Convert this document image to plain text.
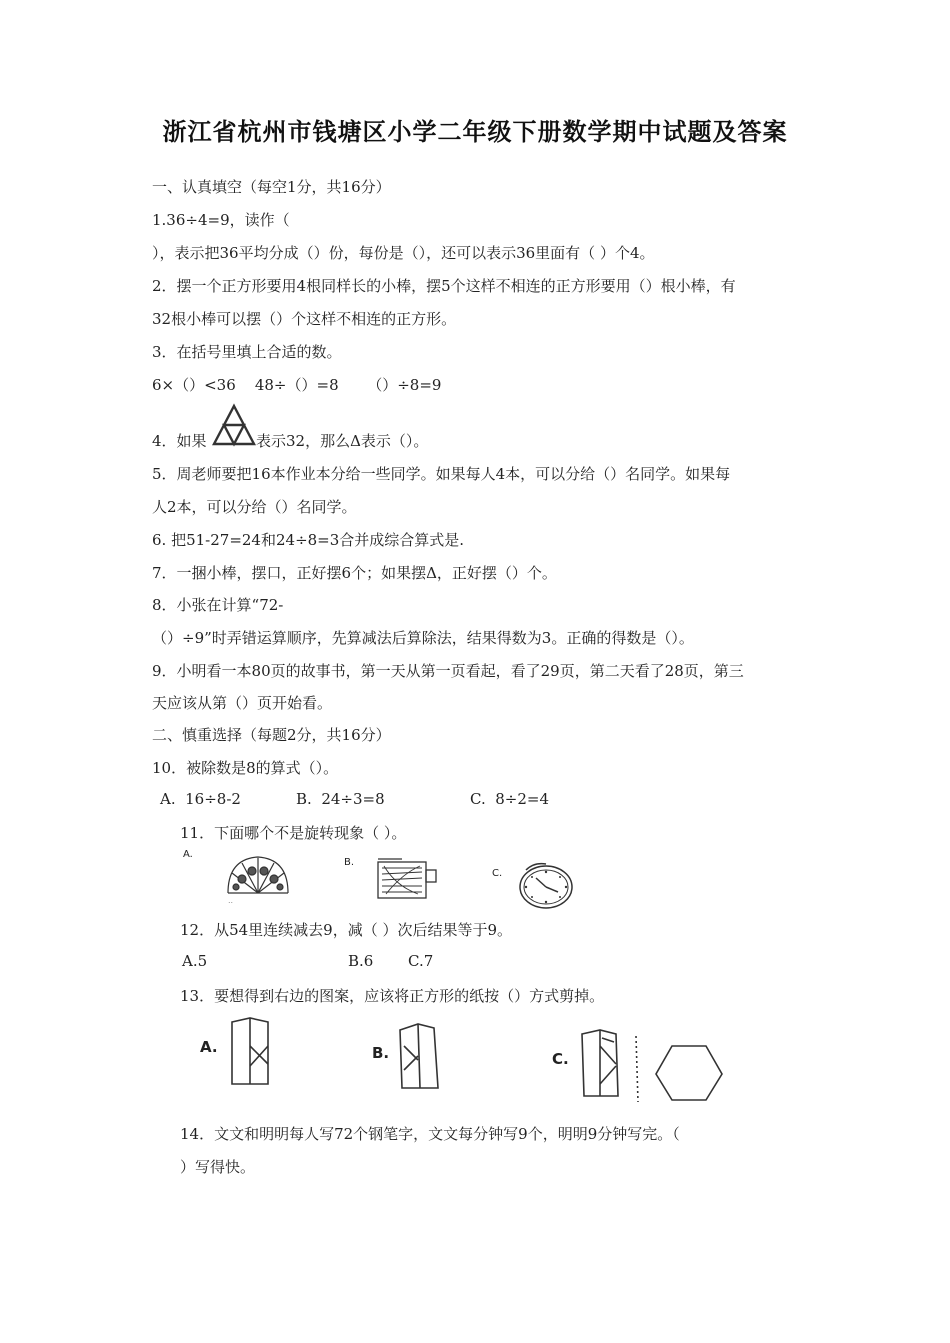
浙江省杭州市钱塘区小学二年级下册数学期中试题及答案
一、认真填空（每空1分，共16分）
1.36÷4=9，读作（
），表示把36平均分成（）份，每份是（），还可以表示36里面有（ ）个4。
2．摆一个正方形要用4根同样长的小棒，摆5个这样不相连的正方形要用（）根小棒，有
32根小棒可以摆（）个这样不相连的正方形。
3．在括号里填上合适的数。
6×（）<36    48÷（）=8      （）÷8=9
4．如果	表示32，那么Δ表示（）。
5．周老师要把16本作业本分给一些同学。如果每人4本，可以分给（）名同学。如果每
人2本，可以分给（）名同学。
6. 把51-27=24和24÷8=3合并成综合算式是.
7．一捆小棒，摆口，正好摆6个；如果摆Δ，正好摆（）个。
8．小张在计算“72-
（）÷9”时弄错运算顺序，先算减法后算除法，结果得数为3。正确的得数是（）。
9．小明看一本80页的故事书，第一天从第一页看起，看了29页，第二天看了28页，第三
天应该从第（）页开始看。
二、慎重选择（每题2分，共16分）
10．被除数是8的算式（）。
A.  16÷8-2	B.  24÷3=8	C.  8÷2=4
11．下面哪个不是旋转现象（ ）。
A.
..
B.
C.
12．从54里连续减去9，减（ ）次后结果等于9。
A.5	B.6 C.7
13．要想得到右边的图案，应该将正方形的纸按（）方式剪掉。
A.	B.	C.
14．文文和明明每人写72个钢笔字，文文每分钟写9个，明明9分钟写完。（
）写得快。
